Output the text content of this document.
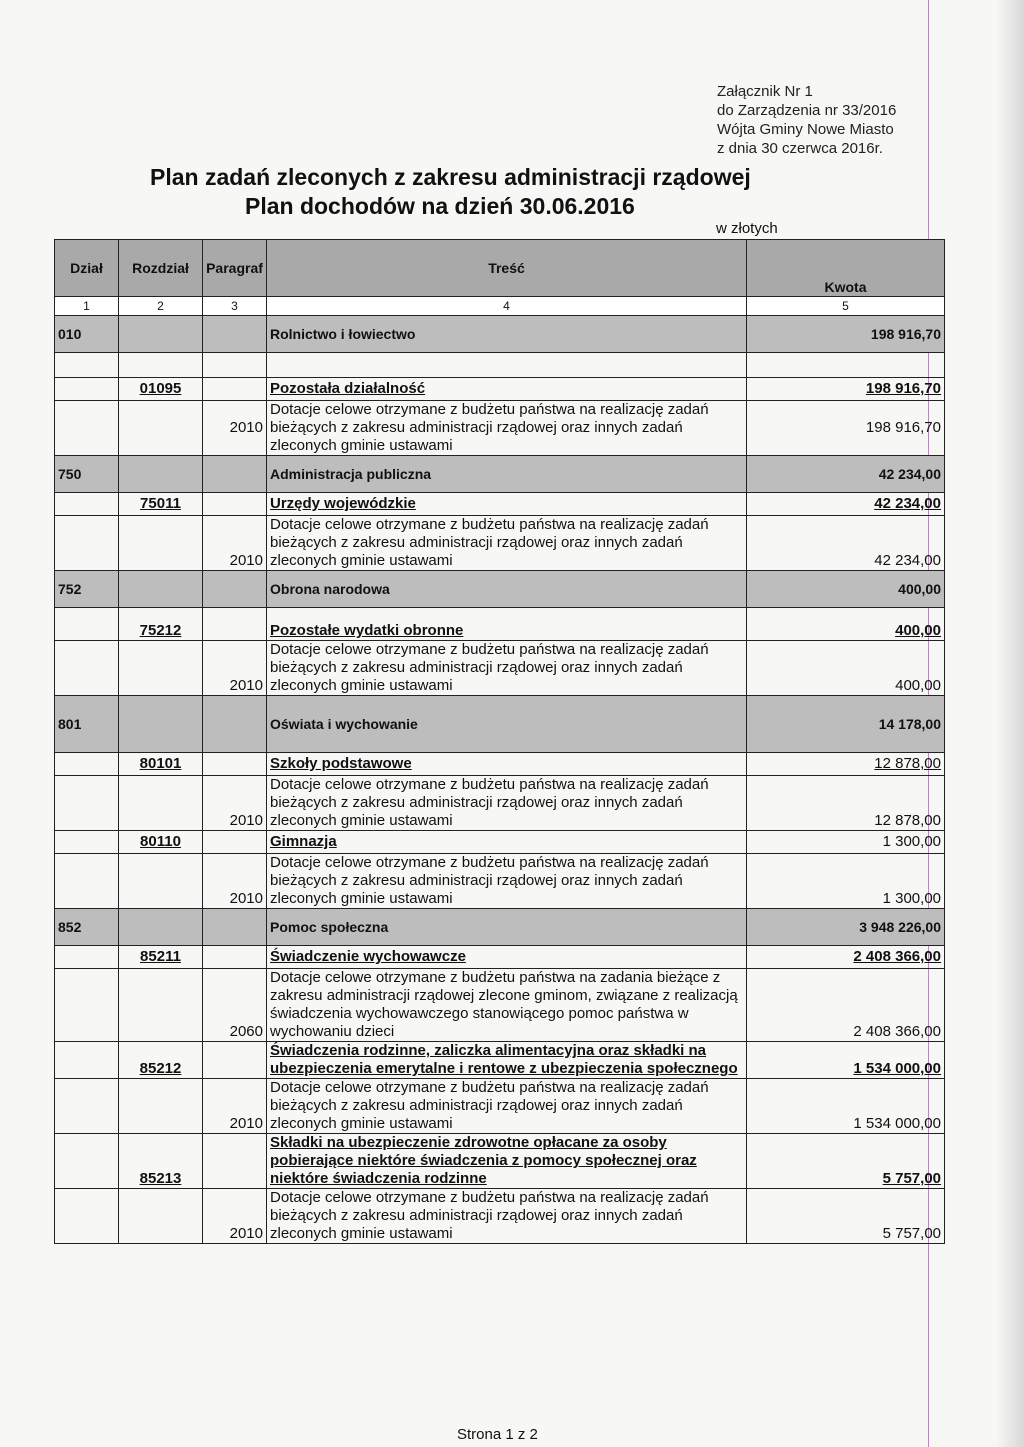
Załącznik Nr 1
do Zarządzenia nr 33/2016
Wójta Gminy Nowe Miasto
z dnia 30 czerwca 2016r.
Plan zadań zleconych z zakresu administracji rządowej
Plan dochodów na dzień 30.06.2016
w złotych
Dział	Rozdział	Paragraf	Treść	Kwota
1	2	3	4	5
010			Rolnictwo i łowiectwo	198 916,70

	01095		Pozostała działalność	198 916,70
		2010	Dotacje celowe otrzymane z budżetu państwa na realizację zadań bieżących z zakresu administracji rządowej oraz innych zadań zleconych gminie ustawami	198 916,70
750			Administracja publiczna	42 234,00
	75011		Urzędy wojewódzkie	42 234,00
		2010	Dotacje celowe otrzymane z budżetu państwa na realizację zadań bieżących z zakresu administracji rządowej oraz innych zadań zleconych gminie ustawami	42 234,00
752			Obrona narodowa	400,00
	75212		Pozostałe wydatki obronne	400,00
		2010	Dotacje celowe otrzymane z budżetu państwa na realizację zadań bieżących z zakresu administracji rządowej oraz innych zadań zleconych gminie ustawami	400,00
801			Oświata i wychowanie	14 178,00
	80101		Szkoły podstawowe	12 878,00
		2010	Dotacje celowe otrzymane z budżetu państwa na realizację zadań bieżących z zakresu administracji rządowej oraz innych zadań zleconych gminie ustawami	12 878,00
	80110		Gimnazja	1 300,00
		2010	Dotacje celowe otrzymane z budżetu państwa na realizację zadań bieżących z zakresu administracji rządowej oraz innych zadań zleconych gminie ustawami	1 300,00
852			Pomoc społeczna	3 948 226,00
	85211		Świadczenie wychowawcze	2 408 366,00
		2060	Dotacje celowe otrzymane z budżetu państwa na zadania bieżące z zakresu administracji rządowej zlecone gminom, związane z realizacją świadczenia wychowawczego stanowiącego pomoc państwa w wychowaniu dzieci	2 408 366,00
	85212		Świadczenia rodzinne, zaliczka alimentacyjna oraz składki na ubezpieczenia emerytalne i rentowe z ubezpieczenia społecznego	1 534 000,00
		2010	Dotacje celowe otrzymane z budżetu państwa na realizację zadań bieżących z zakresu administracji rządowej oraz innych zadań zleconych gminie ustawami	1 534 000,00
	85213		Składki na ubezpieczenie zdrowotne opłacane za osoby pobierające niektóre świadczenia z pomocy społecznej oraz niektóre świadczenia rodzinne	5 757,00
		2010	Dotacje celowe otrzymane z budżetu państwa na realizację zadań bieżących z zakresu administracji rządowej oraz innych zadań zleconych gminie ustawami	5 757,00
Strona 1 z 2
